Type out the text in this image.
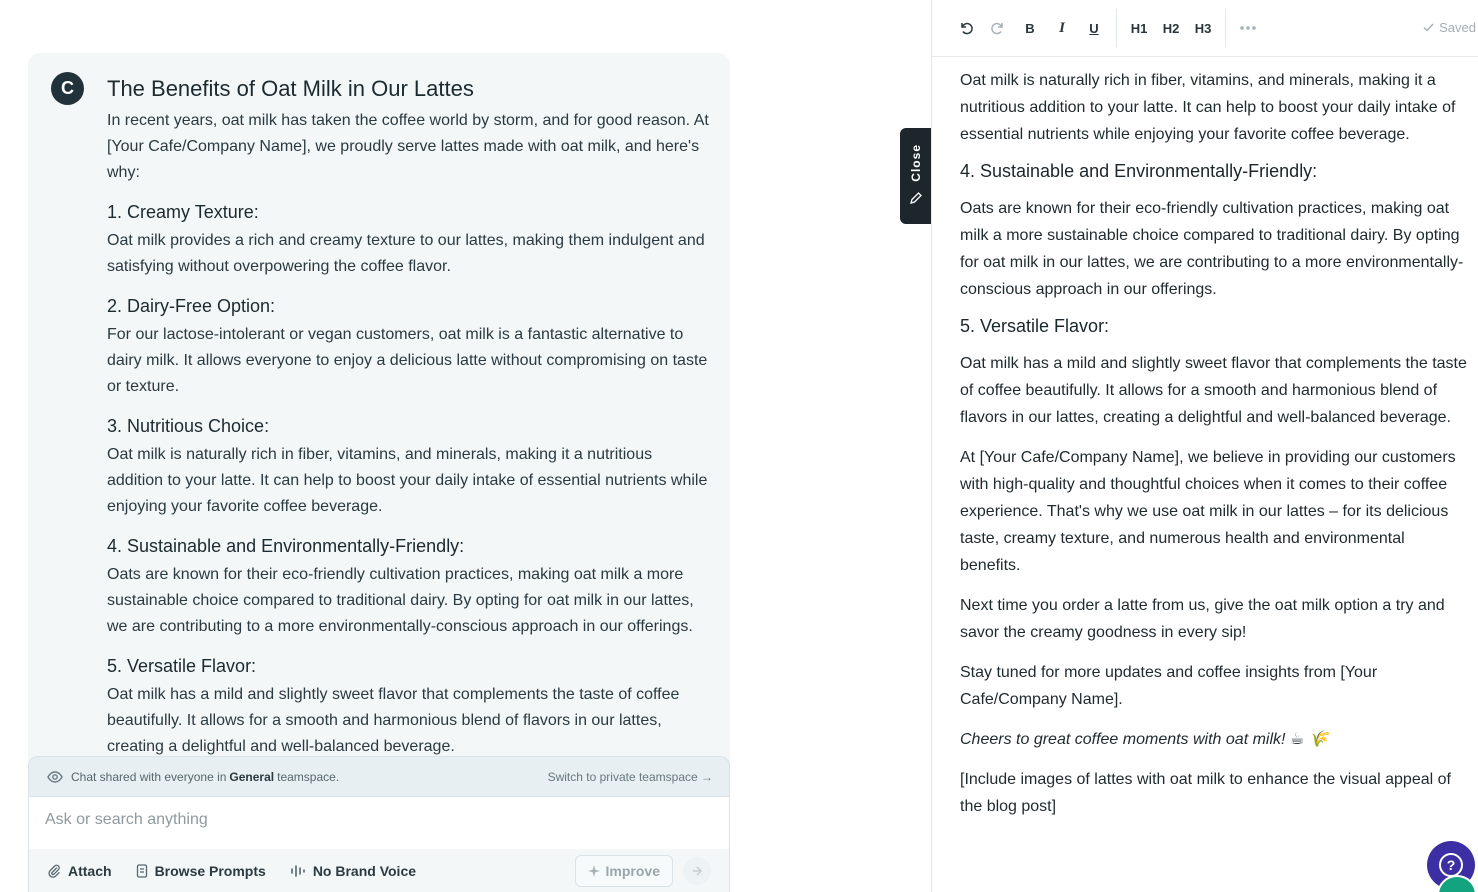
C	The Benefits of Oat Milk in Our Lattes

In recent years, oat milk has taken the coffee world by storm, and for good reason. At [Your Cafe/Company Name], we proudly serve lattes made with oat milk, and here's why:

1. Creamy Texture:

Oat milk provides a rich and creamy texture to our lattes, making them indulgent and satisfying without overpowering the coffee flavor.

2. Dairy-Free Option:

For our lactose-intolerant or vegan customers, oat milk is a fantastic alternative to dairy milk. It allows everyone to enjoy a delicious latte without compromising on taste or texture.

3. Nutritious Choice:

Oat milk is naturally rich in fiber, vitamins, and minerals, making it a nutritious addition to your latte. It can help to boost your daily intake of essential nutrients while enjoying your favorite coffee beverage.

4. Sustainable and Environmentally-Friendly:

Oats are known for their eco-friendly cultivation practices, making oat milk a more sustainable choice compared to traditional dairy. By opting for oat milk in our lattes, we are contributing to a more environmentally-conscious approach in our offerings.

5. Versatile Flavor:

Oat milk has a mild and slightly sweet flavor that complements the taste of coffee beautifully. It allows for a smooth and harmonious blend of flavors in our lattes, creating a delightful and well-balanced beverage.

Chat shared with everyone in General teamspace.	Switch to private teamspace →
Ask or search anything
Attach	Browse Prompts	No Brand Voice	Improve
Close
B	I	U	H1	H2	H3	Saved

Oat milk is naturally rich in fiber, vitamins, and minerals, making it a nutritious addition to your latte. It can help to boost your daily intake of essential nutrients while enjoying your favorite coffee beverage.

4. Sustainable and Environmentally-Friendly:

Oats are known for their eco-friendly cultivation practices, making oat milk a more sustainable choice compared to traditional dairy. By opting for oat milk in our lattes, we are contributing to a more environmentally-conscious approach in our offerings.

5. Versatile Flavor:

Oat milk has a mild and slightly sweet flavor that complements the taste of coffee beautifully. It allows for a smooth and harmonious blend of flavors in our lattes, creating a delightful and well-balanced beverage.

At [Your Cafe/Company Name], we believe in providing our customers with high-quality and thoughtful choices when it comes to their coffee experience. That's why we use oat milk in our lattes – for its delicious taste, creamy texture, and numerous health and environmental benefits.

Next time you order a latte from us, give the oat milk option a try and savor the creamy goodness in every sip!

Stay tuned for more updates and coffee insights from [Your Cafe/Company Name].

Cheers to great coffee moments with oat milk! ☕ 🌾

[Include images of lattes with oat milk to enhance the visual appeal of the blog post]

?
